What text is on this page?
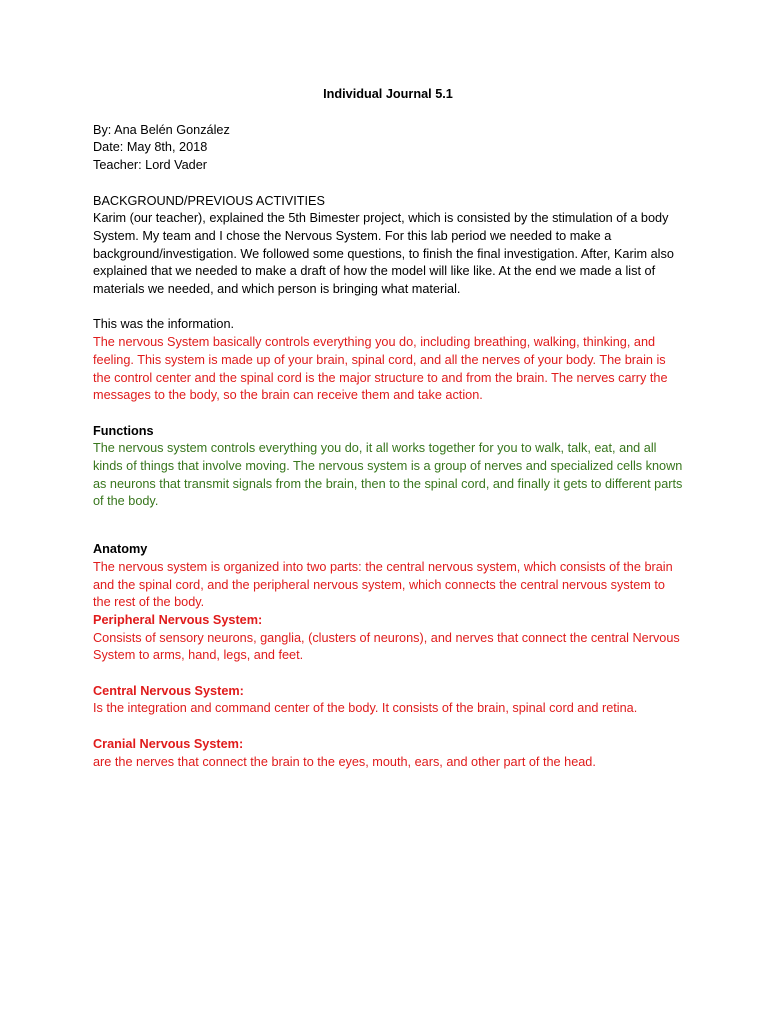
Individual Journal 5.1

By: Ana Belén González

Date: May 8th, 2018

Teacher: Lord Vader

BACKGROUND/PREVIOUS ACTIVITIES

Karim (our teacher), explained the 5th Bimester project, which is consisted by the stimulation of a body System. My team and I chose the Nervous System. For this lab period we needed to make a background/investigation. We followed some questions, to finish the final investigation. After, Karim also explained that we needed to make a draft of how the model will like like. At the end we made a list of materials we needed, and which person is bringing what material.

This was the information.

The nervous System basically controls everything you do, including breathing, walking, thinking, and feeling. This system is made up of your brain, spinal cord, and all the nerves of your body. The brain is the control center and the spinal cord is the major structure to and from the brain. The nerves carry the messages to the body, so the brain can receive them and take action.

Functions

The nervous system controls everything you do, it all works together for you to walk, talk, eat, and all kinds of things that involve moving. The nervous system is a group of nerves and specialized cells known as neurons that transmit signals from the brain, then to the spinal cord, and finally it gets to different parts of the body.

Anatomy

The nervous system is organized into two parts: the central nervous system, which consists of the brain and the spinal cord, and the peripheral nervous system, which connects the central nervous system to the rest of the body.

Peripheral Nervous System:

Consists of sensory neurons, ganglia, (clusters of neurons), and nerves that connect the central Nervous System to arms, hand, legs, and feet.

Central Nervous System:

Is the integration and command center of the body. It consists of the brain, spinal cord and retina.

Cranial Nervous System:

are the nerves that connect the brain to the eyes, mouth, ears, and other part of the head.
